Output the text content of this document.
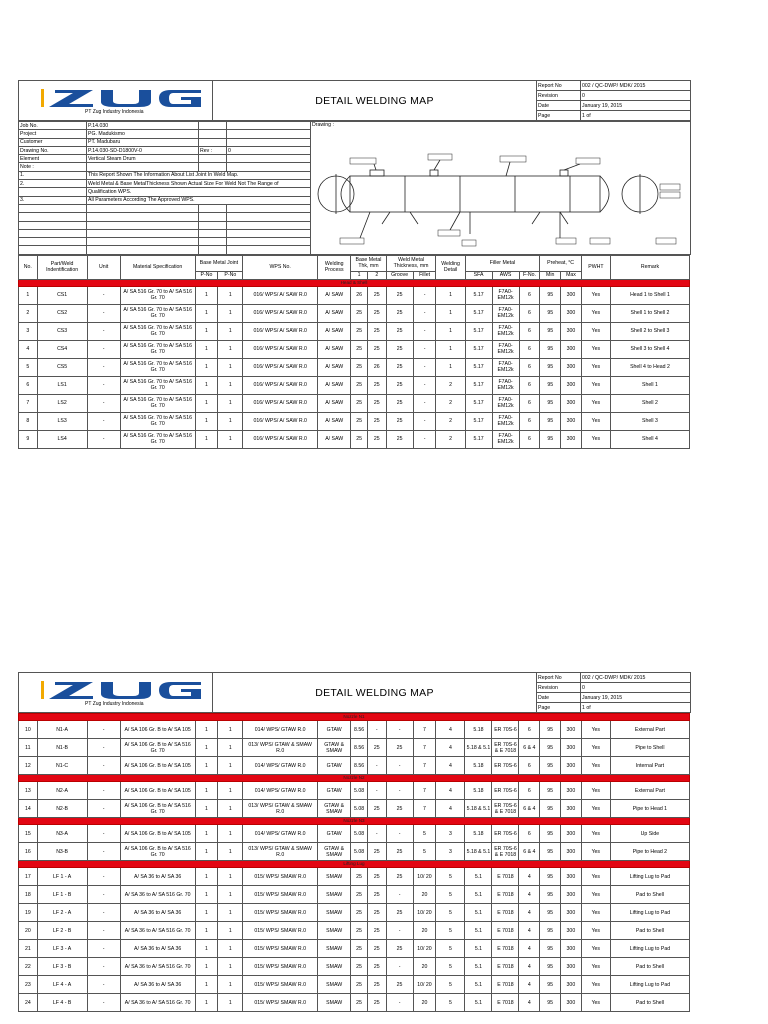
PT Zug Industry Indonesia	DETAIL WELDING MAP	Report No	002 / QC-DWP/ MDK/ 2015
		Revision	0
		Date	January 19, 2015
		Page	1 of
Job No.	P.14.030			Drawing :
Project	PG. Madukismo			
Customer	PT. Madubaru			
Drawing No.	P.14.030-SD-D1800V-0	Rev :	0	
Element	Vertical Steam Drum			
Note :				
1.	This Report Shown The Information About List Joint In Weld Map.			
2.	Weld Metal & Base MetalThickness Shown Actual Size For Weld Not The Range of			
	Qualification WPS.			
3.	All Parameters According The Approved WPS.			

No.	Part/Weld Indentification	Unit	Material Specification	Base Metal Joint		WPS No.	Welding Process	Base Metal Thk, mm		Weld Metal Thickness, mm		Welding Detail	Filler Metal			Preheat, °C		PWHT	Remark
				P-No	P-No			1	2	Groove	Fillet		SFA	AWS	F-No.	Min	Max		
Head & Shell																			
1	CS1	-	A/ SA 516 Gr. 70 to A/ SA 516 Gr. 70	1	1	016/ WPS/ A/ SAW R.0	A/ SAW	26	25	25	-	1	5.17	F7A0-EM12k	6	95	300	Yes	Head 1 to Shell 1
2	CS2	-	A/ SA 516 Gr. 70 to A/ SA 516 Gr. 70	1	1	016/ WPS/ A/ SAW R.0	A/ SAW	25	25	25	-	1	5.17	F7A0-EM12k	6	95	300	Yes	Shell 1 to Shell 2
3	CS3	-	A/ SA 516 Gr. 70 to A/ SA 516 Gr. 70	1	1	016/ WPS/ A/ SAW R.0	A/ SAW	25	25	25	-	1	5.17	F7A0-EM12k	6	95	300	Yes	Shell 2 to Shell 3
4	CS4	-	A/ SA 516 Gr. 70 to A/ SA 516 Gr. 70	1	1	016/ WPS/ A/ SAW R.0	A/ SAW	25	25	25	-	1	5.17	F7A0-EM12k	6	95	300	Yes	Shell 3 to Shell 4
5	CS5	-	A/ SA 516 Gr. 70 to A/ SA 516 Gr. 70	1	1	016/ WPS/ A/ SAW R.0	A/ SAW	25	26	25	-	1	5.17	F7A0-EM12k	6	95	300	Yes	Shell 4 to Head 2
6	LS1	-	A/ SA 516 Gr. 70 to A/ SA 516 Gr. 70	1	1	016/ WPS/ A/ SAW R.0	A/ SAW	25	25	25	-	2	5.17	F7A0-EM12k	6	95	300	Yes	Shell 1
7	LS2	-	A/ SA 516 Gr. 70 to A/ SA 516 Gr. 70	1	1	016/ WPS/ A/ SAW R.0	A/ SAW	25	25	25	-	2	5.17	F7A0-EM12k	6	95	300	Yes	Shell 2
8	LS3	-	A/ SA 516 Gr. 70 to A/ SA 516 Gr. 70	1	1	016/ WPS/ A/ SAW R.0	A/ SAW	25	25	25	-	2	5.17	F7A0-EM12k	6	95	300	Yes	Shell 3
9	LS4	-	A/ SA 516 Gr. 70 to A/ SA 516 Gr. 70	1	1	016/ WPS/ A/ SAW R.0	A/ SAW	25	25	25	-	2	5.17	F7A0-EM12k	6	95	300	Yes	Shell 4
PT Zug Industry Indonesia	DETAIL WELDING MAP	Report No	002 / QC-DWP/ MDK/ 2015
		Revision	0
		Date	January 19, 2015
		Page	1 of
Nozzle N1																			
10	N1-A	-	A/ SA 106 Gr. B to A/ SA 105	1	1	014/ WPS/ GTAW R.0	GTAW	8.56	-	-	7	4	5.18	ER 70S-6	6	95	300	Yes	External Part
11	N1-B	-	A/ SA 106 Gr. B to A/ SA 516 Gr. 70	1	1	013/ WPS/ GTAW & SMAW R.0	GTAW & SMAW	8.56	25	25	7	4	5.18 & 5.1	ER 70S-6 & E 7018	6 & 4	95	300	Yes	Pipe to Shell
12	N1-C	-	A/ SA 106 Gr. B to A/ SA 105	1	1	014/ WPS/ GTAW R.0	GTAW	8.56	-	-	7	4	5.18	ER 70S-6	6	95	300	Yes	Internal Part
Nozzle N2																			
13	N2-A	-	A/ SA 106 Gr. B to A/ SA 105	1	1	014/ WPS/ GTAW R.0	GTAW	5.08	-	-	7	4	5.18	ER 70S-6	6	95	300	Yes	External Part
14	N2-B	-	A/ SA 106 Gr. B to A/ SA 516 Gr. 70	1	1	013/ WPS/ GTAW & SMAW R.0	GTAW & SMAW	5.08	25	25	7	4	5.18 & 5.1	ER 70S-6 & E 7018	6 & 4	95	300	Yes	Pipe to Head 1
Nozzle N3																			
15	N3-A	-	A/ SA 106 Gr. B to A/ SA 105	1	1	014/ WPS/ GTAW R.0	GTAW	5.08	-	-	5	3	5.18	ER 70S-6	6	95	300	Yes	Up Side
16	N3-B	-	A/ SA 106 Gr. B to A/ SA 516 Gr. 70	1	1	013/ WPS/ GTAW & SMAW R.0	GTAW & SMAW	5.08	25	25	5	3	5.18 & 5.1	ER 70S-6 & E 7018	6 & 4	95	300	Yes	Pipe to Head 2
Lifting Lug																			
17	LF 1 - A	-	A/ SA 36 to A/ SA 36	1	1	015/ WPS/ SMAW R.0	SMAW	25	25	25	10/ 20	5	5.1	E 7018	4	95	300	Yes	Lifting Lug to Pad
18	LF 1 - B	-	A/ SA 36 to A/ SA 516 Gr. 70	1	1	015/ WPS/ SMAW R.0	SMAW	25	25	-	20	5	5.1	E 7018	4	95	300	Yes	Pad to Shell
19	LF 2 - A	-	A/ SA 36 to A/ SA 36	1	1	015/ WPS/ SMAW R.0	SMAW	25	25	25	10/ 20	5	5.1	E 7018	4	95	300	Yes	Lifting Lug to Pad
20	LF 2 - B	-	A/ SA 36 to A/ SA 516 Gr. 70	1	1	015/ WPS/ SMAW R.0	SMAW	25	25	-	20	5	5.1	E 7018	4	95	300	Yes	Pad to Shell
21	LF 3 - A	-	A/ SA 36 to A/ SA 36	1	1	015/ WPS/ SMAW R.0	SMAW	25	25	25	10/ 20	5	5.1	E 7018	4	95	300	Yes	Lifting Lug to Pad
22	LF 3 - B	-	A/ SA 36 to A/ SA 516 Gr. 70	1	1	015/ WPS/ SMAW R.0	SMAW	25	25	-	20	5	5.1	E 7018	4	95	300	Yes	Pad to Shell
23	LF 4 - A	-	A/ SA 36 to A/ SA 36	1	1	015/ WPS/ SMAW R.0	SMAW	25	25	25	10/ 20	5	5.1	E 7018	4	95	300	Yes	Lifting Lug to Pad
24	LF 4 - B	-	A/ SA 36 to A/ SA 516 Gr. 70	1	1	015/ WPS/ SMAW R.0	SMAW	25	25	-	20	5	5.1	E 7018	4	95	300	Yes	Pad to Shell
